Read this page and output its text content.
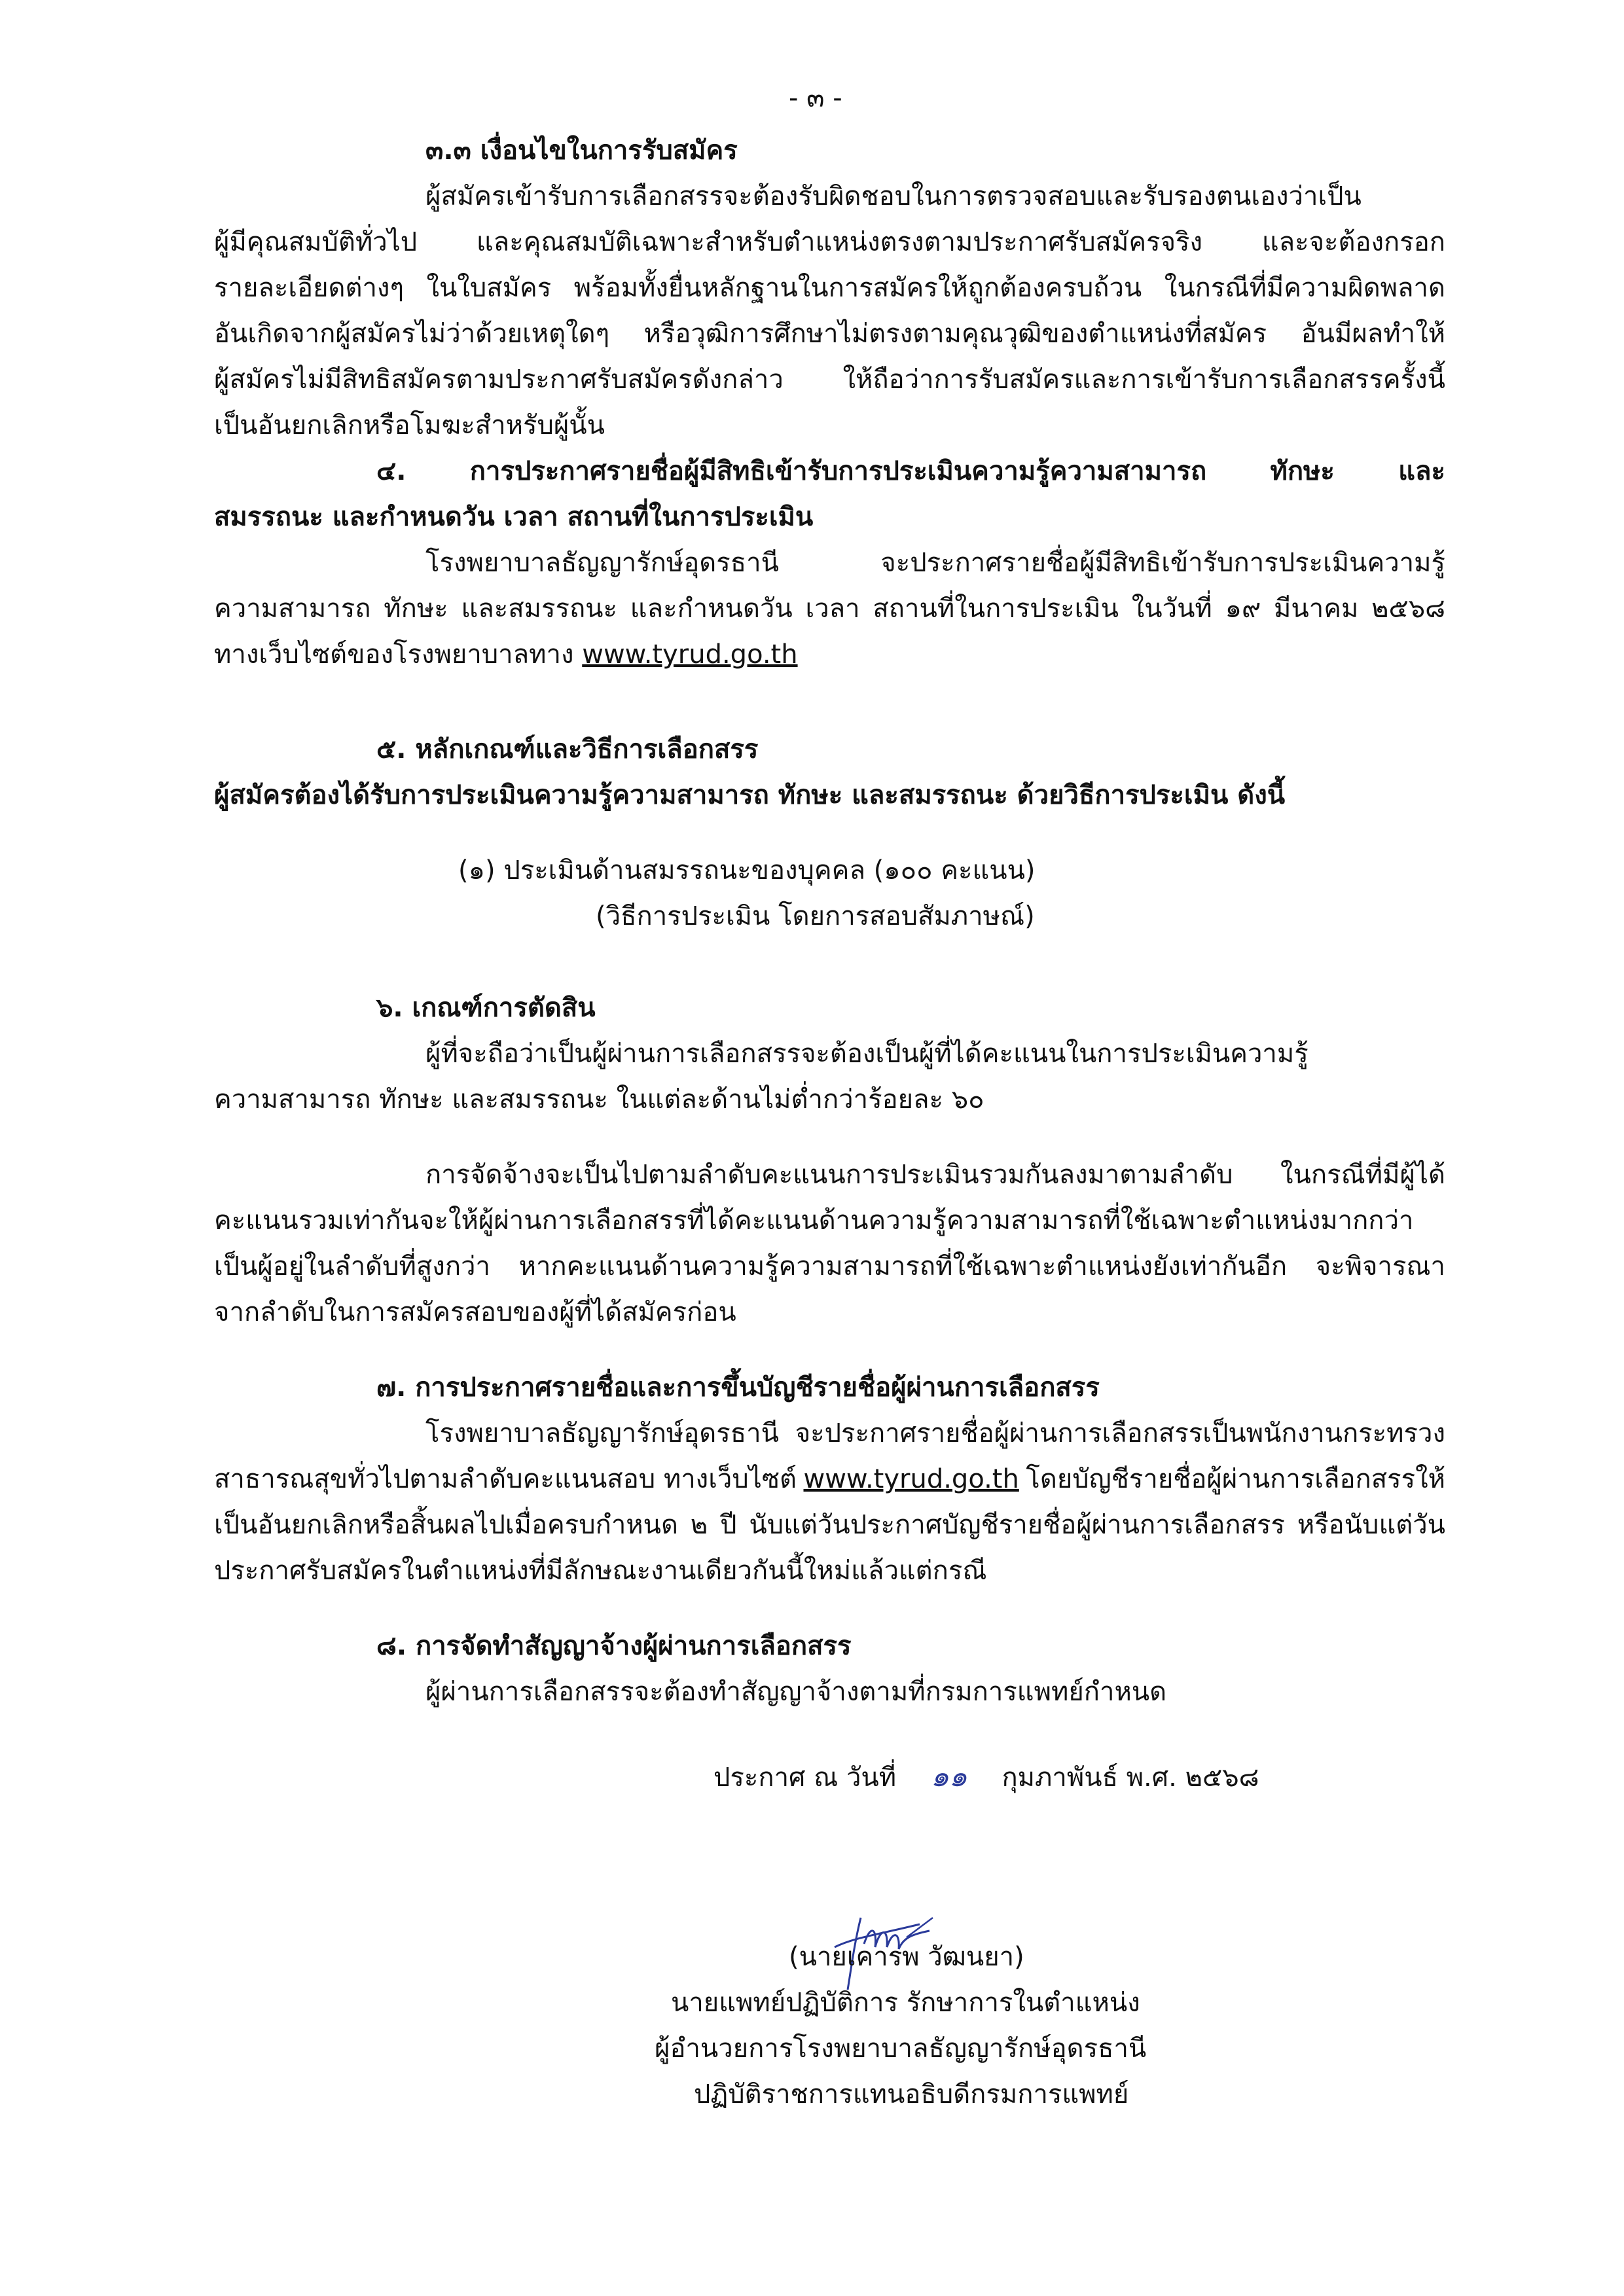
- ๓ -
๓.๓ เงื่อนไขในการรับสมัคร
ผู้สมัครเข้ารับการเลือกสรรจะต้องรับผิดชอบในการตรวจสอบและรับรองตนเองว่าเป็น
ผู้มีคุณสมบัติทั่วไป และคุณสมบัติเฉพาะสำหรับตำแหน่งตรงตามประกาศรับสมัครจริง และจะต้องกรอก
รายละเอียดต่างๆ ในใบสมัคร พร้อมทั้งยื่นหลักฐานในการสมัครให้ถูกต้องครบถ้วน ในกรณีที่มีความผิดพลาด
อันเกิดจากผู้สมัครไม่ว่าด้วยเหตุใดๆ หรือวุฒิการศึกษาไม่ตรงตามคุณวุฒิของตำแหน่งที่สมัคร อันมีผลทำให้
ผู้สมัครไม่มีสิทธิสมัครตามประกาศรับสมัครดังกล่าว ให้ถือว่าการรับสมัครและการเข้ารับการเลือกสรรครั้งนี้
เป็นอันยกเลิกหรือโมฆะสำหรับผู้นั้น
๔. การประกาศรายชื่อผู้มีสิทธิเข้ารับการประเมินความรู้ความสามารถ ทักษะ และ
สมรรถนะ และกำหนดวัน เวลา สถานที่ในการประเมิน
โรงพยาบาลธัญญารักษ์อุดรธานี จะประกาศรายชื่อผู้มีสิทธิเข้ารับการประเมินความรู้
ความสามารถ ทักษะ และสมรรถนะ และกำหนดวัน เวลา สถานที่ในการประเมิน ในวันที่ ๑๙ มีนาคม ๒๕๖๘
ทางเว็บไซต์ของโรงพยาบาลทาง www.tyrud.go.th
๕. หลักเกณฑ์และวิธีการเลือกสรร
ผู้สมัครต้องได้รับการประเมินความรู้ความสามารถ ทักษะ และสมรรถนะ ด้วยวิธีการประเมิน ดังนี้
(๑) ประเมินด้านสมรรถนะของบุคคล (๑๐๐ คะแนน)
(วิธีการประเมิน โดยการสอบสัมภาษณ์)
๖. เกณฑ์การตัดสิน
ผู้ที่จะถือว่าเป็นผู้ผ่านการเลือกสรรจะต้องเป็นผู้ที่ได้คะแนนในการประเมินความรู้
ความสามารถ ทักษะ และสมรรถนะ ในแต่ละด้านไม่ต่ำกว่าร้อยละ ๖๐
การจัดจ้างจะเป็นไปตามลำดับคะแนนการประเมินรวมกันลงมาตามลำดับ ในกรณีที่มีผู้ได้
คะแนนรวมเท่ากันจะให้ผู้ผ่านการเลือกสรรที่ได้คะแนนด้านความรู้ความสามารถที่ใช้เฉพาะตำแหน่งมากกว่า
เป็นผู้อยู่ในลำดับที่สูงกว่า หากคะแนนด้านความรู้ความสามารถที่ใช้เฉพาะตำแหน่งยังเท่ากันอีก จะพิจารณา
จากลำดับในการสมัครสอบของผู้ที่ได้สมัครก่อน
๗. การประกาศรายชื่อและการขึ้นบัญชีรายชื่อผู้ผ่านการเลือกสรร
โรงพยาบาลธัญญารักษ์อุดรธานี จะประกาศรายชื่อผู้ผ่านการเลือกสรรเป็นพนักงานกระทรวง
สาธารณสุขทั่วไปตามลำดับคะแนนสอบ ทางเว็บไซต์ www.tyrud.go.th โดยบัญชีรายชื่อผู้ผ่านการเลือกสรรให้
เป็นอันยกเลิกหรือสิ้นผลไปเมื่อครบกำหนด ๒ ปี นับแต่วันประกาศบัญชีรายชื่อผู้ผ่านการเลือกสรร หรือนับแต่วัน
ประกาศรับสมัครในตำแหน่งที่มีลักษณะงานเดียวกันนี้ใหม่แล้วแต่กรณี
๘. การจัดทำสัญญาจ้างผู้ผ่านการเลือกสรร
ผู้ผ่านการเลือกสรรจะต้องทำสัญญาจ้างตามที่กรมการแพทย์กำหนด
ประกาศ ณ วันที่ ๑๑ กุมภาพันธ์ พ.ศ. ๒๕๖๘
(นายเคารพ วัฒนยา)
นายแพทย์ปฏิบัติการ รักษาการในตำแหน่ง
ผู้อำนวยการโรงพยาบาลธัญญารักษ์อุดรธานี
ปฏิบัติราชการแทนอธิบดีกรมการแพทย์
